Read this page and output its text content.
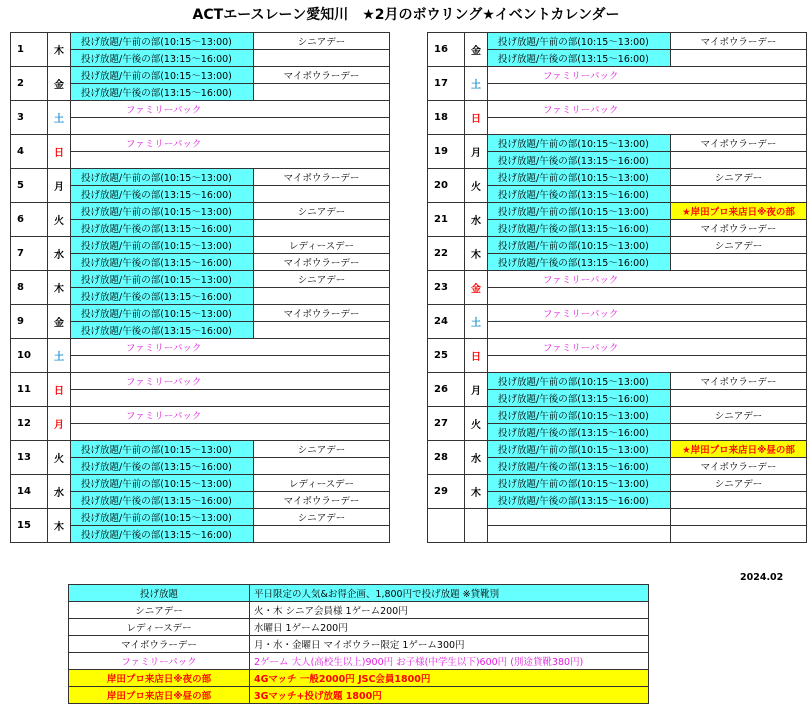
ACTエースレーン愛知川　★2月のボウリング★イベントカレンダー
1	木	投げ放題/午前の部(10:15～13:00)	シニアデー
		投げ放題/午後の部(13:15～16:00)	
2	金	投げ放題/午前の部(10:15～13:00)	マイボウラーデー
		投げ放題/午後の部(13:15～16:00)	
3	土	ファミリーパック	

4	日	ファミリーパック	

5	月	投げ放題/午前の部(10:15～13:00)	マイボウラーデー
		投げ放題/午後の部(13:15～16:00)	
6	火	投げ放題/午前の部(10:15～13:00)	シニアデー
		投げ放題/午後の部(13:15～16:00)	
7	水	投げ放題/午前の部(10:15～13:00)	レディースデー
		投げ放題/午後の部(13:15～16:00)	マイボウラーデー
8	木	投げ放題/午前の部(10:15～13:00)	シニアデー
		投げ放題/午後の部(13:15～16:00)	
9	金	投げ放題/午前の部(10:15～13:00)	マイボウラーデー
		投げ放題/午後の部(13:15～16:00)	
10	土	ファミリーパック	

11	日	ファミリーパック	

12	月	ファミリーパック	

13	火	投げ放題/午前の部(10:15～13:00)	シニアデー
		投げ放題/午後の部(13:15～16:00)	
14	水	投げ放題/午前の部(10:15～13:00)	レディースデー
		投げ放題/午後の部(13:15～16:00)	マイボウラーデー
15	木	投げ放題/午前の部(10:15～13:00)	シニアデー
		投げ放題/午後の部(13:15～16:00)	
16	金	投げ放題/午前の部(10:15～13:00)	マイボウラーデー
		投げ放題/午後の部(13:15～16:00)	
17	土	ファミリーパック	

18	日	ファミリーパック	

19	月	投げ放題/午前の部(10:15～13:00)	マイボウラーデー
		投げ放題/午後の部(13:15～16:00)	
20	火	投げ放題/午前の部(10:15～13:00)	シニアデー
		投げ放題/午後の部(13:15～16:00)	
21	水	投げ放題/午前の部(10:15～13:00)	★岸田プロ来店日※夜の部
		投げ放題/午後の部(13:15～16:00)	マイボウラーデー
22	木	投げ放題/午前の部(10:15～13:00)	シニアデー
		投げ放題/午後の部(13:15～16:00)	
23	金	ファミリーパック	

24	土	ファミリーパック	

25	日	ファミリーパック	

26	月	投げ放題/午前の部(10:15～13:00)	マイボウラーデー
		投げ放題/午後の部(13:15～16:00)	
27	火	投げ放題/午前の部(10:15～13:00)	シニアデー
		投げ放題/午後の部(13:15～16:00)	
28	水	投げ放題/午前の部(10:15～13:00)	★岸田プロ来店日※昼の部
		投げ放題/午後の部(13:15～16:00)	マイボウラーデー
29	木	投げ放題/午前の部(10:15～13:00)	シニアデー
		投げ放題/午後の部(13:15～16:00)	

2024.02
投げ放題	平日限定の人気&お得企画、1,800円で投げ放題 ※貸靴別
シニアデー	火・木 シニア会員様 1ゲーム200円
レディースデー	水曜日 1ゲーム200円
マイボウラーデー	月・水・金曜日 マイボウラー限定 1ゲーム300円
ファミリーパック	2ゲーム 大人(高校生以上)900円 お子様(中学生以下)600円 (別途貸靴380円)
岸田プロ来店日※夜の部	4Gマッチ 一般2000円 JSC会員1800円
岸田プロ来店日※昼の部	3Gマッチ+投げ放題 1800円
